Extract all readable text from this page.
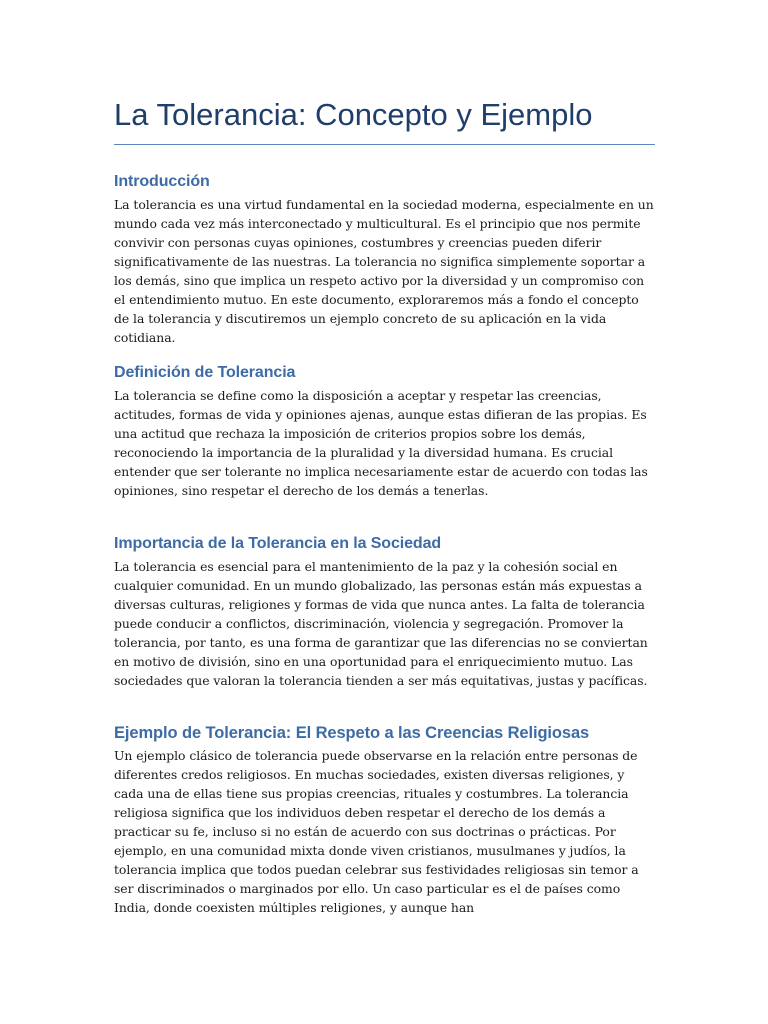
La Tolerancia: Concepto y Ejemplo
Introducción

La tolerancia es una virtud fundamental en la sociedad moderna, especialmente en un mundo cada vez más interconectado y multicultural. Es el principio que nos permite convivir con personas cuyas opiniones, costumbres y creencias pueden diferir significativamente de las nuestras. La tolerancia no significa simplemente soportar a los demás, sino que implica un respeto activo por la diversidad y un compromiso con el entendimiento mutuo. En este documento, exploraremos más a fondo el concepto de la tolerancia y discutiremos un ejemplo concreto de su aplicación en la vida cotidiana.

Definición de Tolerancia

La tolerancia se define como la disposición a aceptar y respetar las creencias, actitudes, formas de vida y opiniones ajenas, aunque estas difieran de las propias. Es una actitud que rechaza la imposición de criterios propios sobre los demás, reconociendo la importancia de la pluralidad y la diversidad humana. Es crucial entender que ser tolerante no implica necesariamente estar de acuerdo con todas las opiniones, sino respetar el derecho de los demás a tenerlas.

Importancia de la Tolerancia en la Sociedad

La tolerancia es esencial para el mantenimiento de la paz y la cohesión social en cualquier comunidad. En un mundo globalizado, las personas están más expuestas a diversas culturas, religiones y formas de vida que nunca antes. La falta de tolerancia puede conducir a conflictos, discriminación, violencia y segregación. Promover la tolerancia, por tanto, es una forma de garantizar que las diferencias no se conviertan en motivo de división, sino en una oportunidad para el enriquecimiento mutuo. Las sociedades que valoran la tolerancia tienden a ser más equitativas, justas y pacíficas.

Ejemplo de Tolerancia: El Respeto a las Creencias Religiosas

Un ejemplo clásico de tolerancia puede observarse en la relación entre personas de diferentes credos religiosos. En muchas sociedades, existen diversas religiones, y cada una de ellas tiene sus propias creencias, rituales y costumbres. La tolerancia religiosa significa que los individuos deben respetar el derecho de los demás a practicar su fe, incluso si no están de acuerdo con sus doctrinas o prácticas. Por ejemplo, en una comunidad mixta donde viven cristianos, musulmanes y judíos, la tolerancia implica que todos puedan celebrar sus festividades religiosas sin temor a ser discriminados o marginados por ello. Un caso particular es el de países como India, donde coexisten múltiples religiones, y aunque han
